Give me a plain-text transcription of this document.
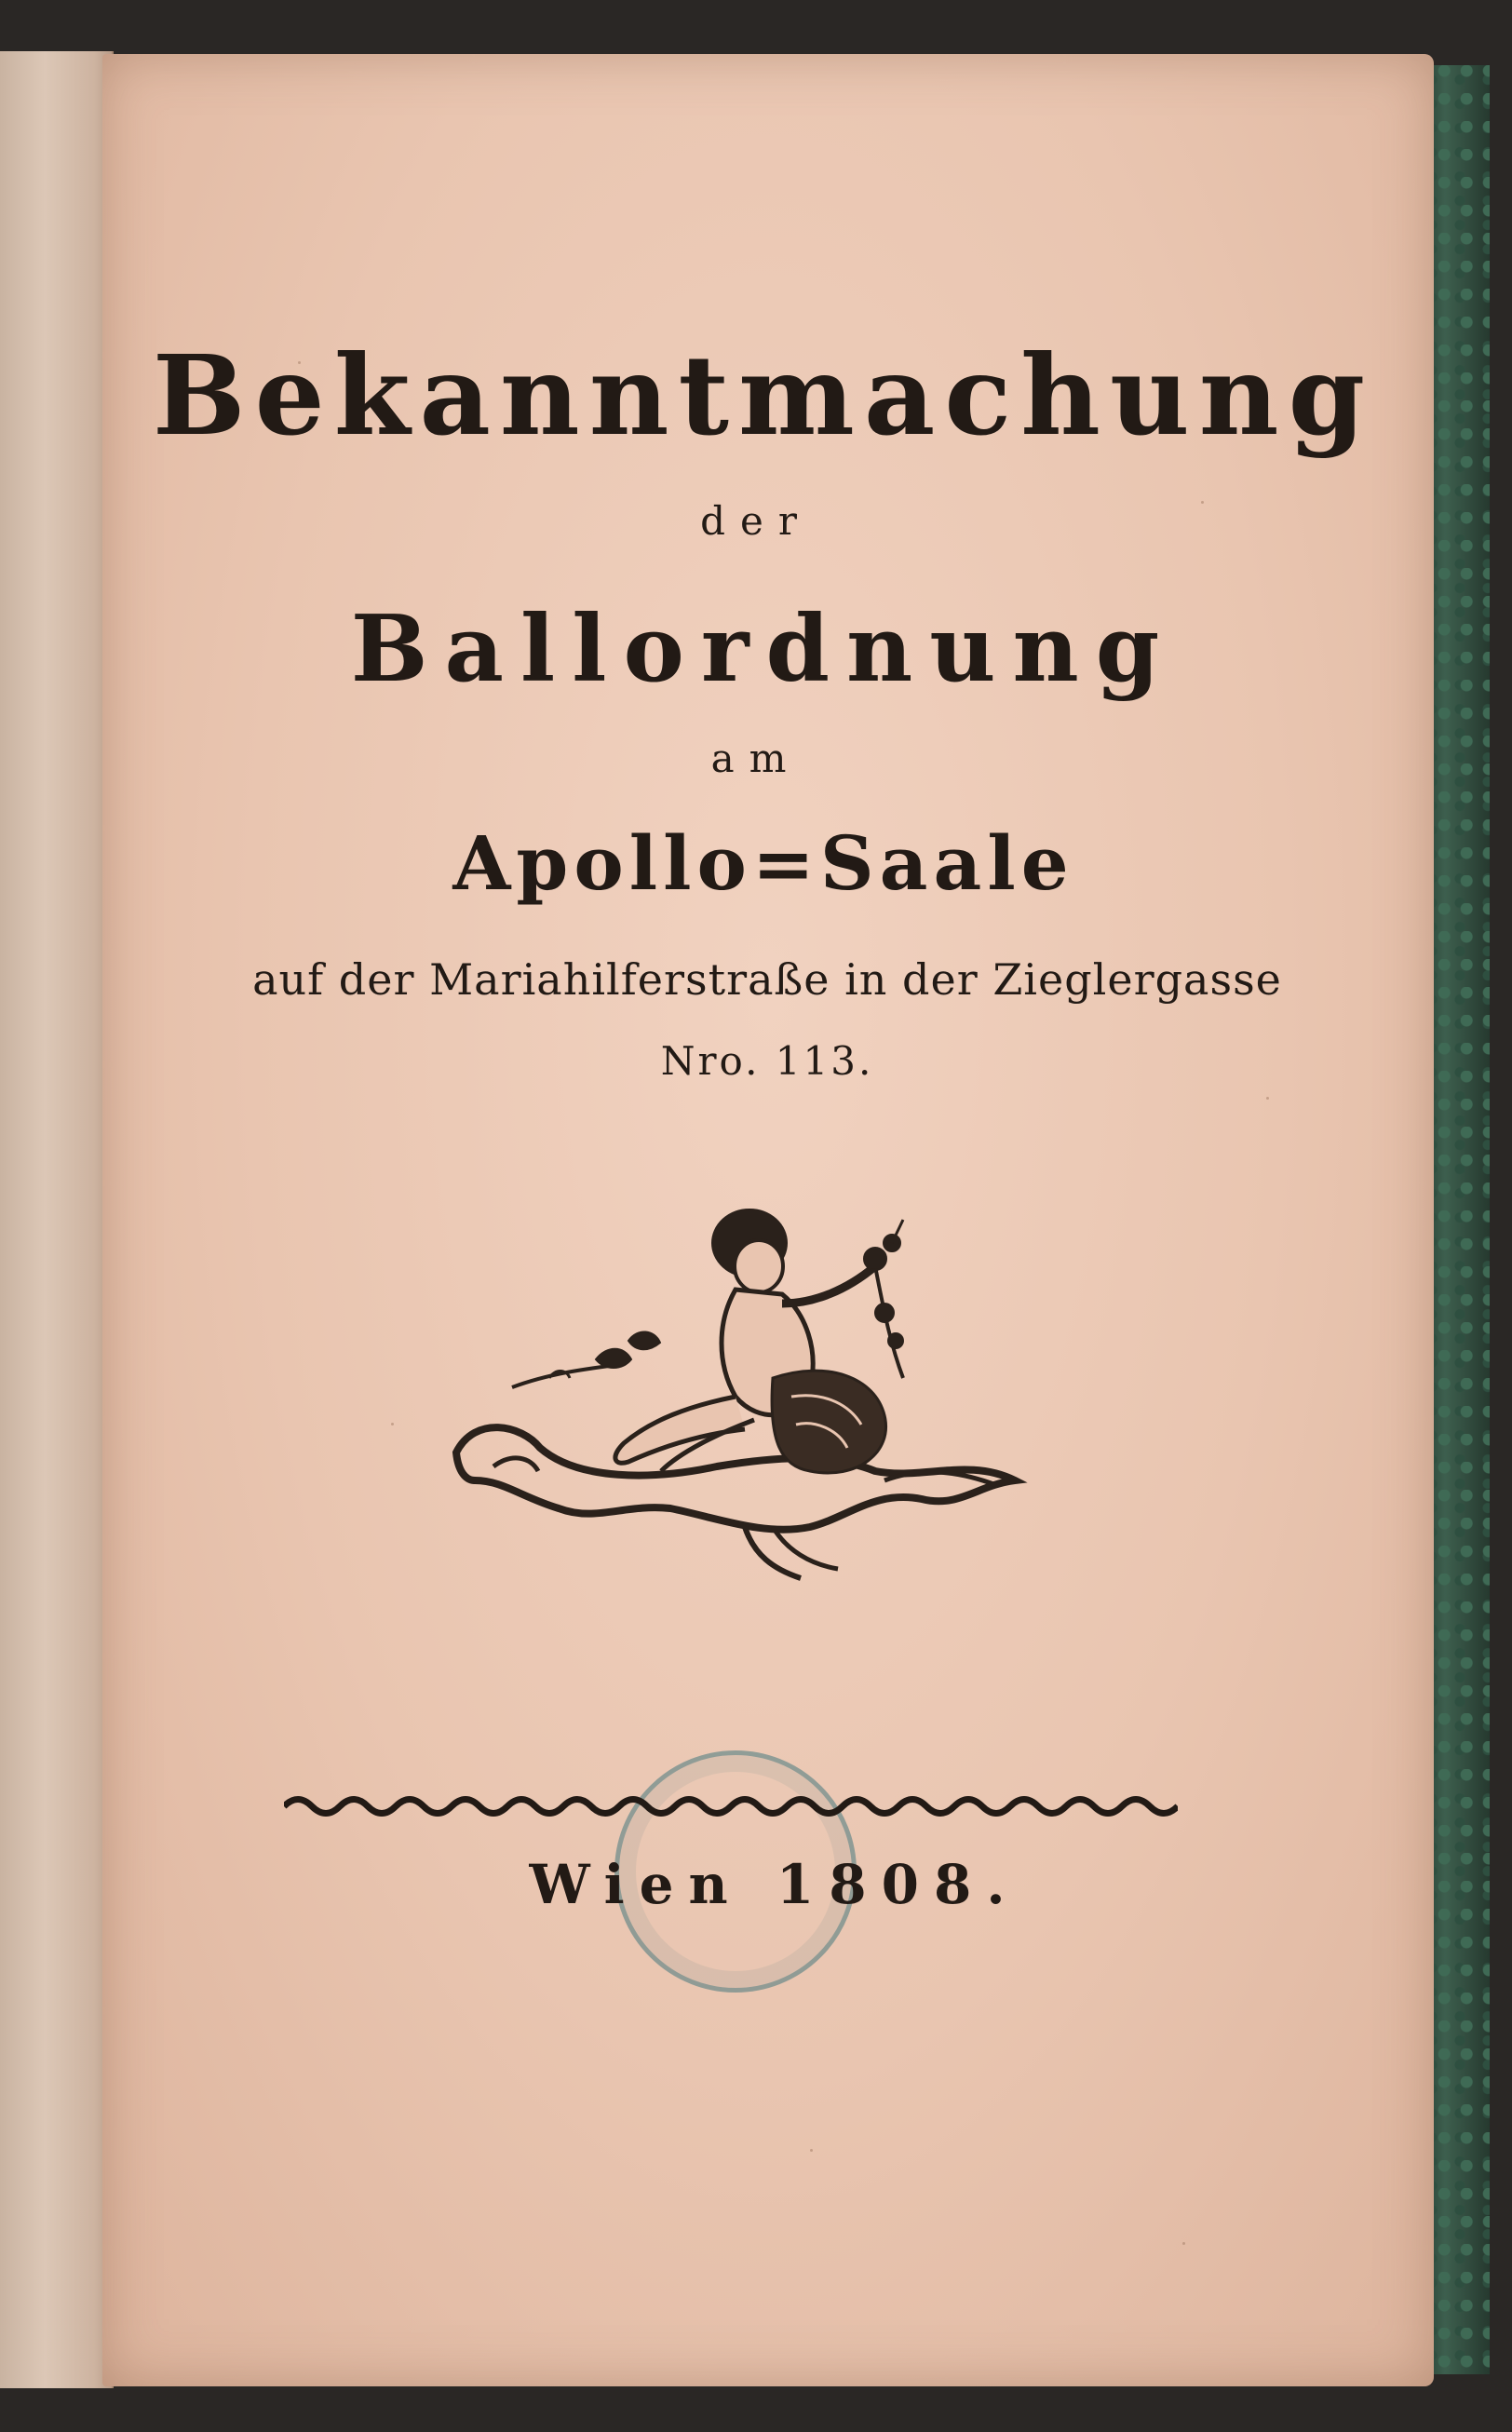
Bekanntmachung
der
Ballordnung
am
Apollo=Saale
auf der Mariahilferstraße in der Zieglergasse
Nro. 113.
Wien 1808.
